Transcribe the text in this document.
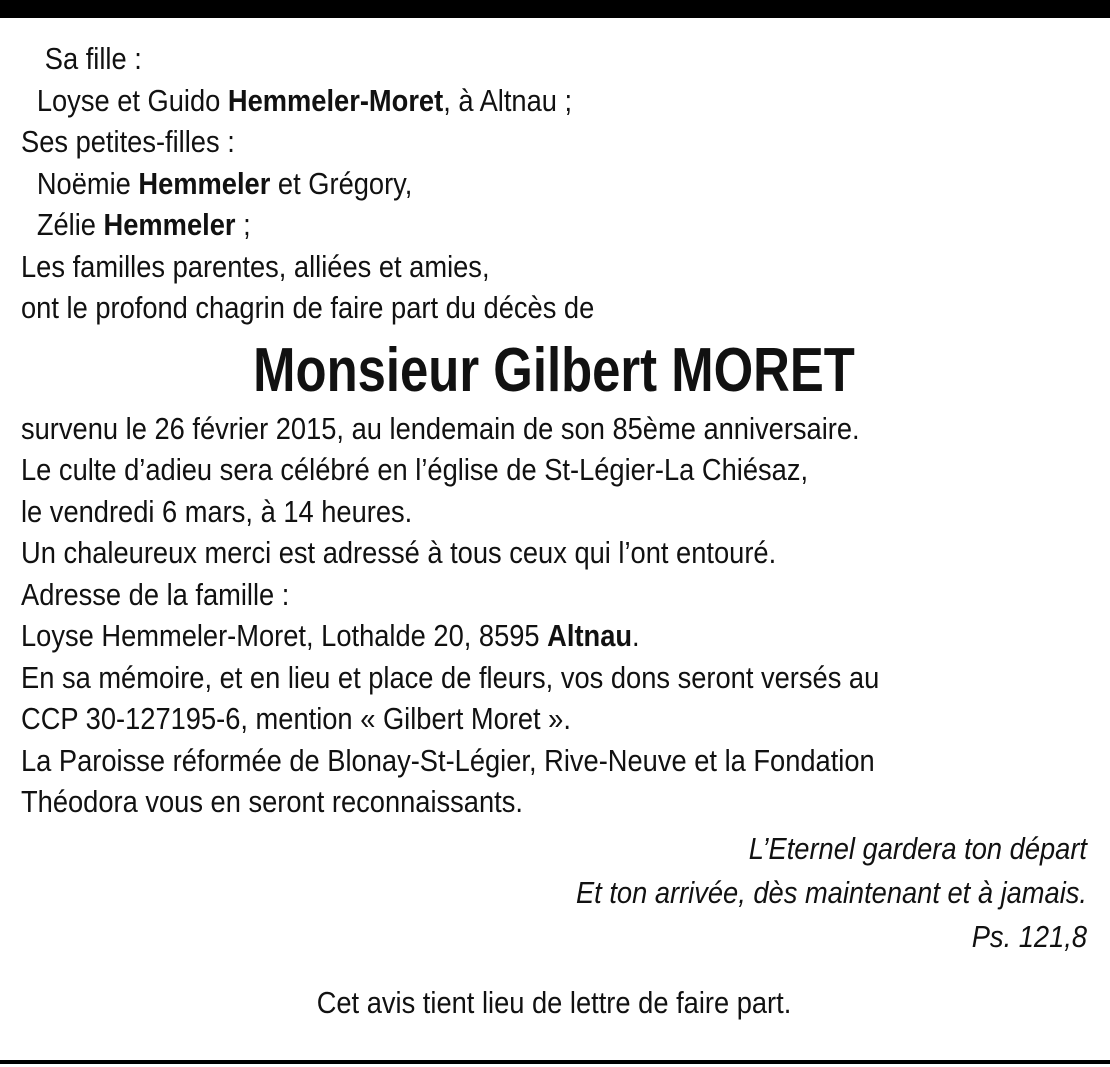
Sa fille :
Loyse et Guido Hemmeler-Moret, à Altnau ;
Ses petites-filles :
Noëmie Hemmeler et Grégory,
Zélie Hemmeler ;
Les familles parentes, alliées et amies,
ont le profond chagrin de faire part du décès de
Monsieur Gilbert MORET
survenu le 26 février 2015, au lendemain de son 85ème anniversaire.
Le culte d’adieu sera célébré en l’église de St-Légier-La Chiésaz,
le vendredi 6 mars, à 14 heures.
Un chaleureux merci est adressé à tous ceux qui l’ont entouré.
Adresse de la famille :
Loyse Hemmeler-Moret, Lothalde 20, 8595 Altnau.
En sa mémoire, et en lieu et place de fleurs, vos dons seront versés au
CCP 30-127195-6, mention « Gilbert Moret ».
La Paroisse réformée de Blonay-St-Légier, Rive-Neuve et la Fondation
Théodora vous en seront reconnaissants.
L’Eternel gardera ton départ
Et ton arrivée, dès maintenant et à jamais.
Ps. 121,8
Cet avis tient lieu de lettre de faire part.
